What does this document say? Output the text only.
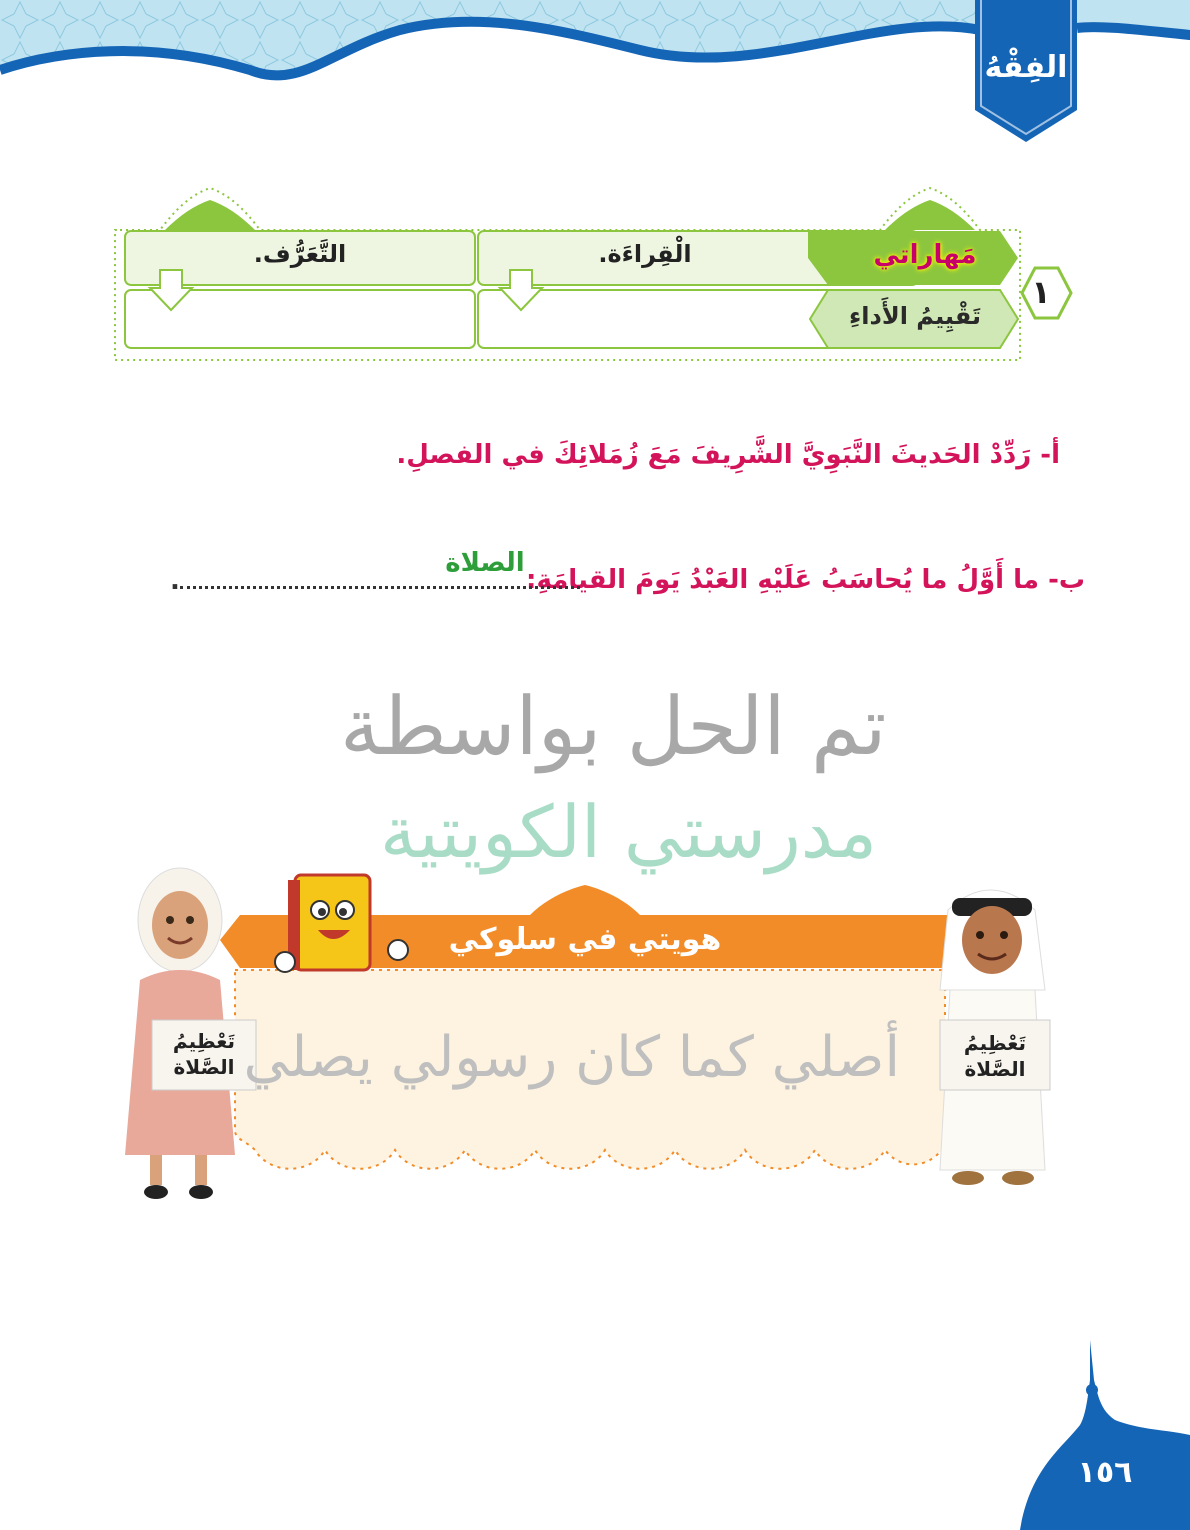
الفِقْهُ
١
مَهاراتي
تَقْيِيمُ الأَداءِ
الْقِراءَة.
التَّعَرُّف.
أ- رَدِّدْ الحَديثَ النَّبَوِيَّ الشَّرِيفَ مَعَ زُمَلائِكَ في الفصلِ.
ب- ما أَوَّلُ ما يُحاسَبُ عَلَيْهِ العَبْدُ يَومَ القيامَةِ:
الصلاة
.
تم الحل بواسطة
مدرستي الكويتية
هويتي في سلوكي
أصلي كما كان رسولي يصلي
تَعْظِيمُ
الصَّلاة
تَعْظِيمُ
الصَّلاة
١٥٦
